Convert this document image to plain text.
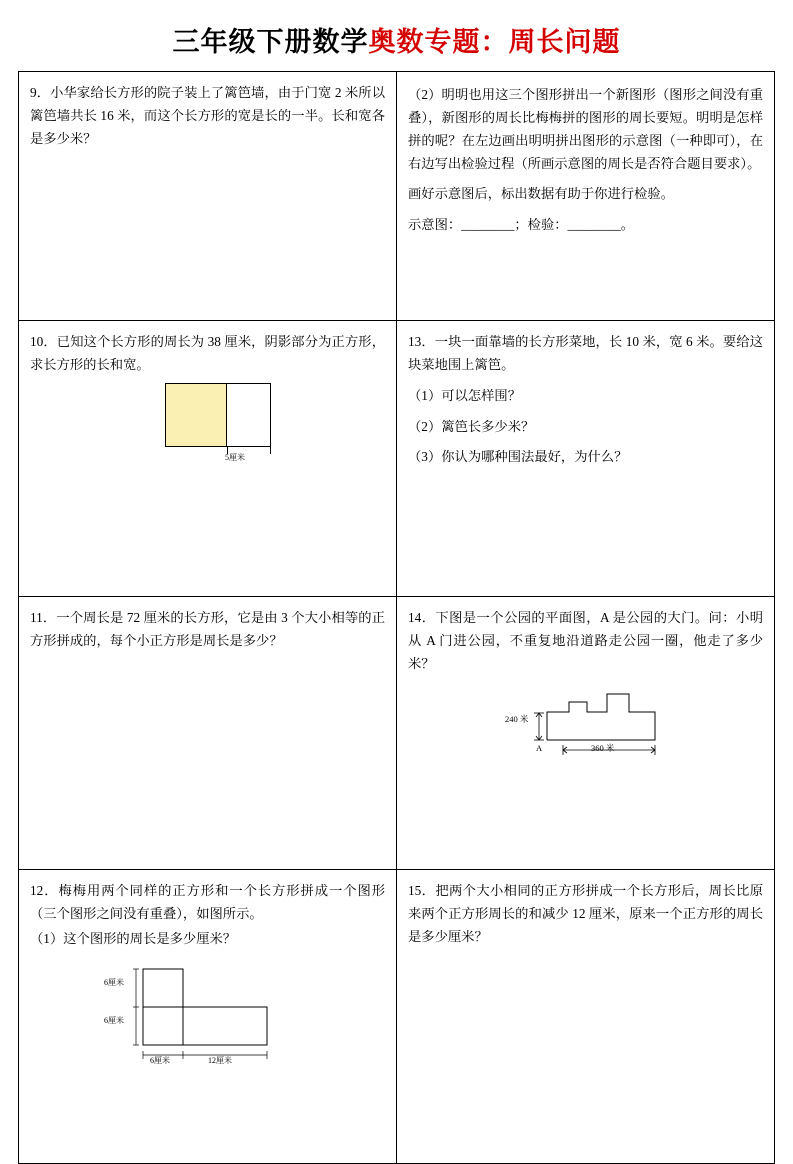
三年级下册数学奥数专题：周长问题

9．小华家给长方形的院子装上了篱笆墙，由于门宽 2 米所以篱笆墙共长 16 米，而这个长方形的宽是长的一半。长和宽各是多少米？	（2）明明也用这三个图形拼出一个新图形（图形之间没有重叠），新图形的周长比梅梅拼的图形的周长要短。明明是怎样拼的呢？在左边画出明明拼出图形的示意图（一种即可），在右边写出检验过程（所画示意图的周长是否符合题目要求）。

画好示意图后，标出数据有助于你进行检验。

示意图：________；检验：________。

10．已知这个长方形的周长为 38 厘米，阴影部分为正方形，求长方形的长和宽。

5厘米

13．一块一面靠墙的长方形菜地，长 10 米，宽 6 米。要给这块菜地围上篱笆。

（1）可以怎样围？

（2）篱笆长多少米？

（3）你认为哪种围法最好，为什么？

11．一个周长是 72 厘米的长方形，它是由 3 个大小相等的正方形拼成的，每个小正方形是周长是多少？	14．下图是一个公园的平面图，A 是公园的大门。问：小明从 A 门进公园，不重复地沿道路走公园一圈，他走了多少米？

240 米
A 360 米

12．梅梅用两个同样的正方形和一个长方形拼成一个图形（三个图形之间没有重叠），如图所示。

（1）这个图形的周长是多少厘米？

6厘米
6厘米
6厘米	12厘米

15．把两个大小相同的正方形拼成一个长方形后，周长比原来两个正方形周长的和减少 12 厘米，原来一个正方形的周长是多少厘米？
